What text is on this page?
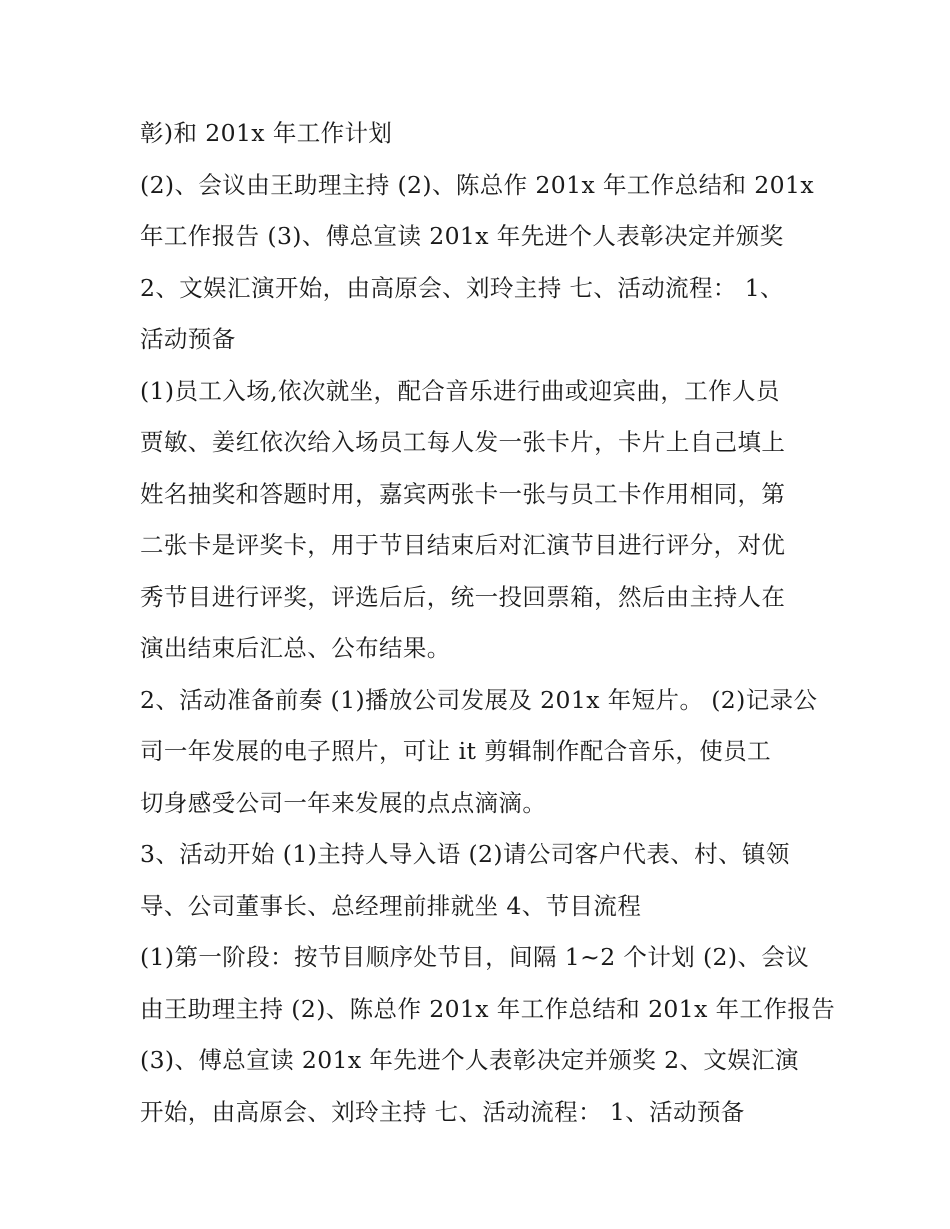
彰)和 201x 年工作计划
(2)、会议由王助理主持 (2)、陈总作 201x 年工作总结和 201x
年工作报告 (3)、傅总宣读 201x 年先进个人表彰决定并颁奖
2、文娱汇演开始，由高原会、刘玲主持 七、活动流程： 1、
活动预备
(1)员工入场,依次就坐，配合音乐进行曲或迎宾曲，工作人员
贾敏、姜红依次给入场员工每人发一张卡片，卡片上自己填上
姓名抽奖和答题时用，嘉宾两张卡一张与员工卡作用相同，第
二张卡是评奖卡，用于节目结束后对汇演节目进行评分，对优
秀节目进行评奖，评选后后，统一投回票箱，然后由主持人在
演出结束后汇总、公布结果。
2、活动准备前奏 (1)播放公司发展及 201x 年短片。 (2)记录公
司一年发展的电子照片，可让 it 剪辑制作配合音乐，使员工
切身感受公司一年来发展的点点滴滴。
3、活动开始 (1)主持人导入语 (2)请公司客户代表、村、镇领
导、公司董事长、总经理前排就坐 4、节目流程
(1)第一阶段：按节目顺序处节目，间隔 1~2 个计划 (2)、会议
由王助理主持 (2)、陈总作 201x 年工作总结和 201x 年工作报告
(3)、傅总宣读 201x 年先进个人表彰决定并颁奖 2、文娱汇演
开始，由高原会、刘玲主持 七、活动流程： 1、活动预备
